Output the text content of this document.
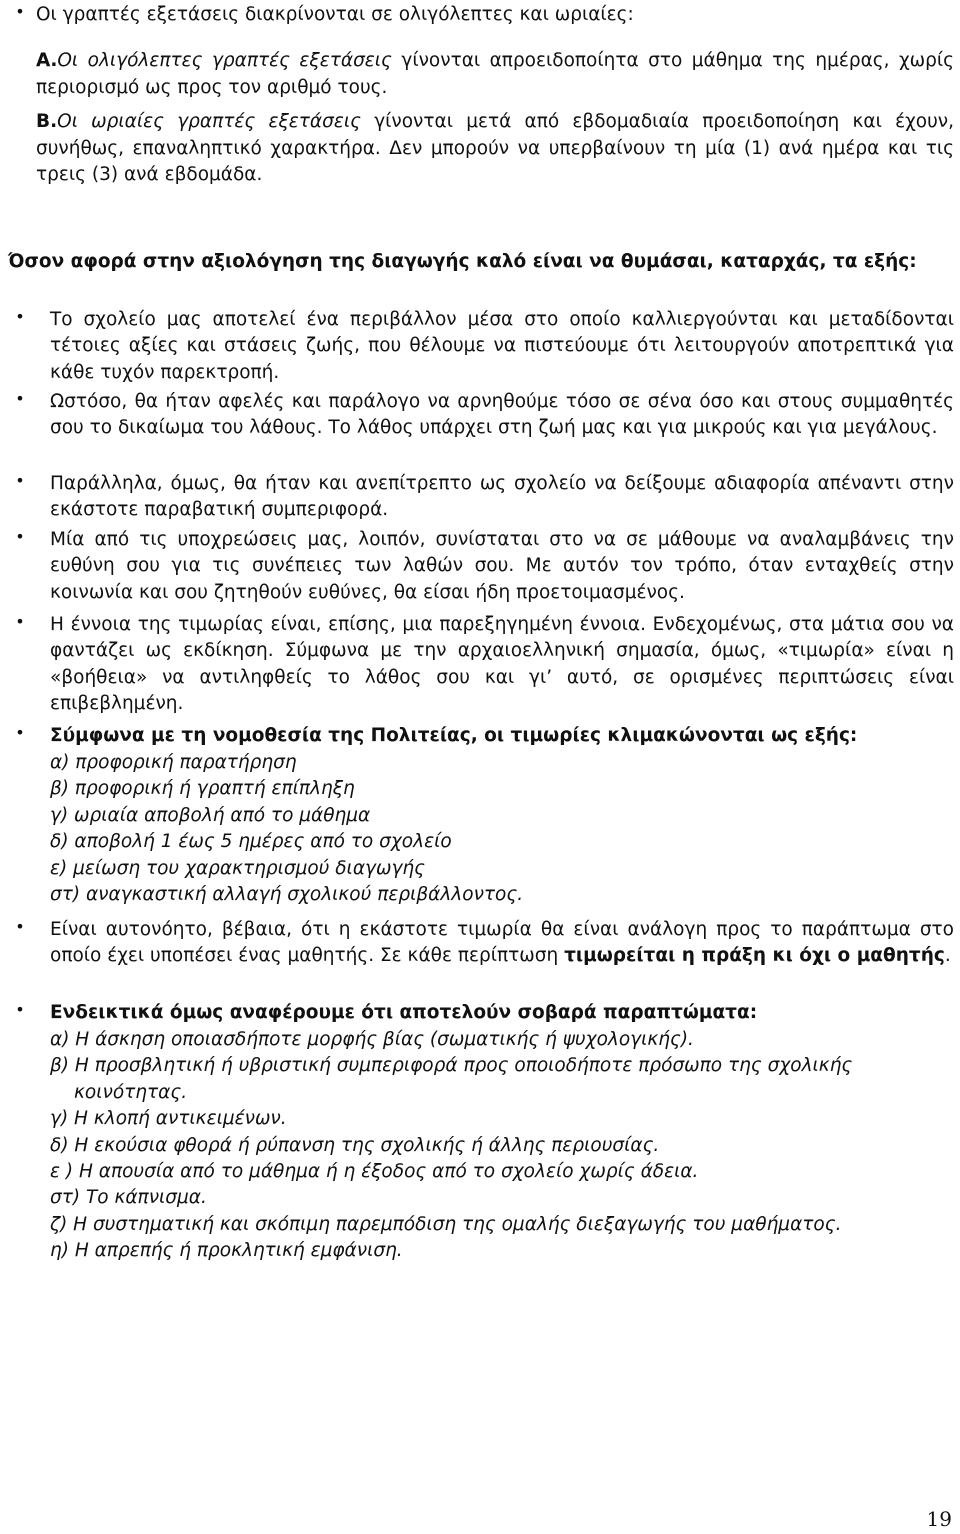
• Οι γραπτές εξετάσεις διακρίνονται σε ολιγόλεπτες και ωριαίες:

Α.Οι ολιγόλεπτες γραπτές εξετάσεις γίνονται απροειδοποίητα στο μάθημα της ημέρας, χωρίς περιορισμό ως προς τον αριθμό τους.
Β.Οι ωριαίες γραπτές εξετάσεις γίνονται μετά από εβδομαδιαία προειδοποίηση και έχουν, συνήθως, επαναληπτικό χαρακτήρα. Δεν μπορούν να υπερβαίνουν τη μία (1) ανά ημέρα και τις τρεις (3) ανά εβδομάδα.

Όσον αφορά στην αξιολόγηση της διαγωγής καλό είναι να θυμάσαι, καταρχάς, τα εξής:

•	Το σχολείο μας αποτελεί ένα περιβάλλον μέσα στο οποίο καλλιεργούνται και μεταδίδονται τέτοιες αξίες και στάσεις ζωής, που θέλουμε να πιστεύουμε ότι λειτουργούν αποτρεπτικά για κάθε τυχόν παρεκτροπή.

•	Ωστόσο, θα ήταν αφελές και παράλογο να αρνηθούμε τόσο σε σένα όσο και στους συμμαθητές σου το δικαίωμα του λάθους. Το λάθος υπάρχει στη ζωή μας και για μικρούς και για μεγάλους.

•	Παράλληλα, όμως, θα ήταν και ανεπίτρεπτο ως σχολείο να δείξουμε αδιαφορία απέναντι στην εκάστοτε παραβατική συμπεριφορά.

•	Μία από τις υποχρεώσεις μας, λοιπόν, συνίσταται στο να σε μάθουμε να αναλαμβάνεις την ευθύνη σου για τις συνέπειες των λαθών σου. Με αυτόν τον τρόπο, όταν ενταχθείς στην κοινωνία και σου ζητηθούν ευθύνες, θα είσαι ήδη προετοιμασμένος.

•	Η έννοια της τιμωρίας είναι, επίσης, μια παρεξηγημένη έννοια. Ενδεχομένως, στα μάτια σου να φαντάζει ως εκδίκηση. Σύμφωνα με την αρχαιοελληνική σημασία, όμως, «τιμωρία» είναι η «βοήθεια» να αντιληφθείς το λάθος σου και γι’ αυτό, σε ορισμένες περιπτώσεις είναι επιβεβλημένη.

•	Σύμφωνα με τη νομοθεσία της Πολιτείας, οι τιμωρίες κλιμακώνονται ως εξής:

α) προφορική παρατήρηση
β) προφορική ή γραπτή επίπληξη
γ) ωριαία αποβολή από το μάθημα
δ) αποβολή 1 έως 5 ημέρες από το σχολείο
ε) μείωση του χαρακτηρισμού διαγωγής
στ) αναγκαστική αλλαγή σχολικού περιβάλλοντος.
•	Είναι αυτονόητο, βέβαια, ότι η εκάστοτε τιμωρία θα είναι ανάλογη προς το παράπτωμα στο οποίο έχει υποπέσει ένας μαθητής. Σε κάθε περίπτωση τιμωρείται η πράξη κι όχι ο μαθητής.

•	Ενδεικτικά όμως αναφέρουμε ότι αποτελούν σοβαρά παραπτώματα:

α) Η άσκηση οποιασδήποτε μορφής βίας (σωματικής ή ψυχολογικής).
β) Η προσβλητική ή υβριστική συμπεριφορά προς οποιοδήποτε πρόσωπο της σχολικής κοινότητας.
γ) Η κλοπή αντικειμένων.
δ) Η εκούσια φθορά ή ρύπανση της σχολικής ή άλλης περιουσίας.
ε ) Η απουσία από το μάθημα ή η έξοδος από το σχολείο χωρίς άδεια.
στ) Το κάπνισμα.
ζ) Η συστηματική και σκόπιμη παρεμπόδιση της ομαλής διεξαγωγής του μαθήματος.
η) Η απρεπής ή προκλητική εμφάνιση.
19
